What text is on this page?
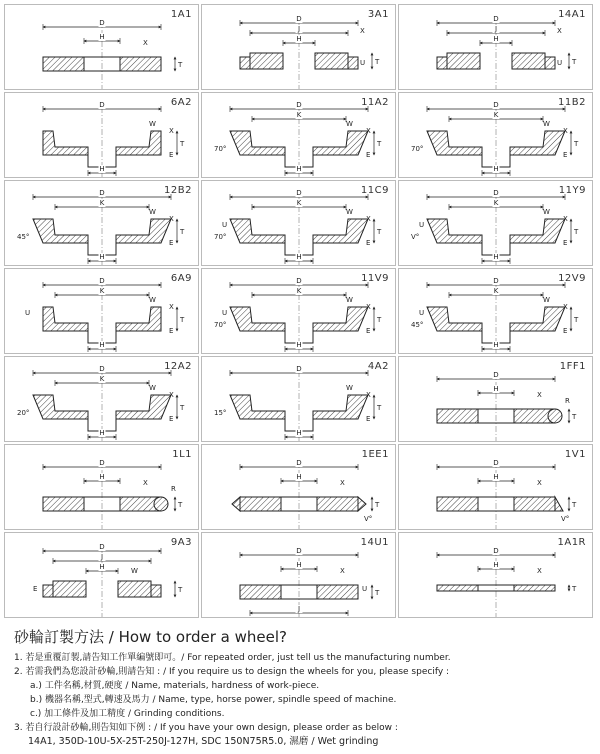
1A1
D
H
T
X
3A1
D
J
H
T
X
U
14A1
D
J
H
T
X
U
6A2
D
H
T
W
X
E
11A2
D
K
H
T
W
X
E
70°
11B2
D
K
H
T
W
X
E
70°
12B2
D
K
H
T
W
X
E
45°
11C9
D
K
H
T
W
X
U
E
70°
11Y9
D
K
H
T
W
X
U
E
V°
6A9
D
K
H
T
W
X
U
E
11V9
D
K
H
T
W
X
U
E
70°
12V9
D
K
H
T
W
X
U
E
45°
12A2
D
K
H
T
W
X
E
20°
4A2
D
H
T
W
X
E
15°
1FF1
D
H
T
X
R
1L1
D
H
T
X
R
1EE1
D
H
T
X
V°
1V1
D
H
T
X
V°
9A3
D
J
H
T
W
E
14U1
D
H
T
X
U
J
1A1R
D
H
T
X
砂輪訂製方法 / How to order a wheel?
1. 若是重覆訂製,請告知工作單編號即可。/ For repeated order, just tell us the manufacturing number.
2. 若需我們為您設計砂輪,則請告知 : / If you require us to design the wheels for you, please specify :
a.) 工件名稱,材質,硬度 / Name, materials, hardness of work-piece.
b.) 機器名稱,型式,轉速及馬力 / Name, type, horse power, spindle speed of machine.
c.) 加工條件及加工精度 / Grinding conditions.
3. 若自行設計砂輪,則告知如下例 : / If you have your own design, please order as below :
14A1, 350D-10U-5X-25T-250J-127H, SDC 150N75R5.0, 濕磨 / Wet grinding
